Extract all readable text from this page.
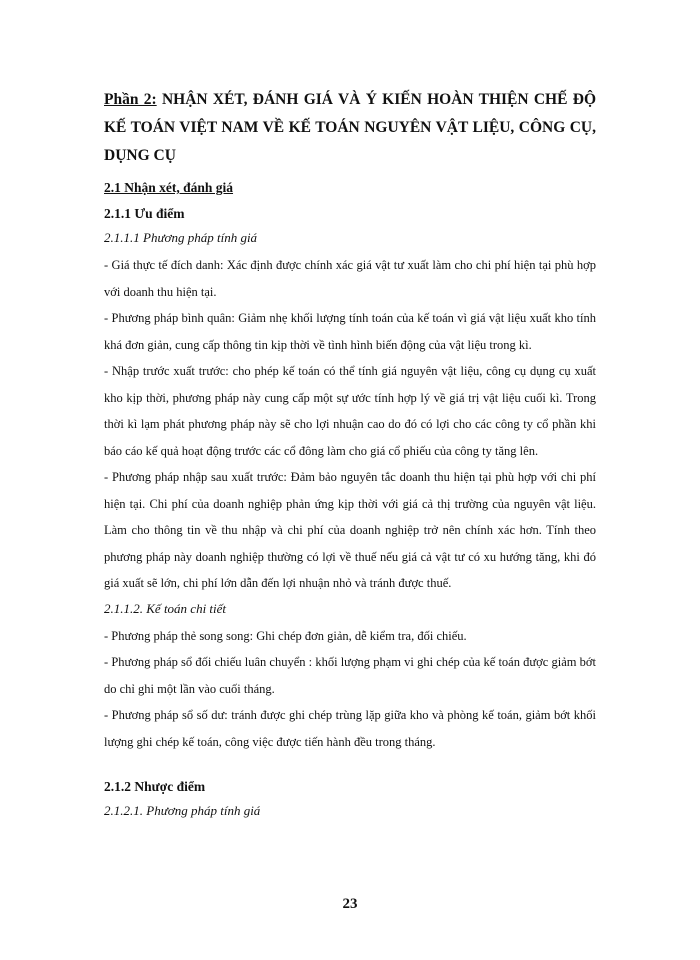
Phần 2: NHẬN XÉT, ĐÁNH GIÁ VÀ Ý KIẾN HOÀN THIỆN CHẾ ĐỘ KẾ TOÁN VIỆT NAM VỀ KẾ TOÁN NGUYÊN VẬT LIỆU, CÔNG CỤ, DỤNG CỤ
2.1 Nhận xét, đánh giá
2.1.1 Ưu điểm
2.1.1.1 Phương pháp tính giá

- Giá thực tế đích danh: Xác định được chính xác giá vật tư xuất làm cho chi phí hiện tại phù hợp với doanh thu hiện tại.

- Phương pháp bình quân: Giảm nhẹ khối lượng tính toán của kế toán vì giá vật liệu xuất kho tính khá đơn giản, cung cấp thông tin kịp thời về tình hình biến động của vật liệu trong kì.

- Nhập trước xuất trước: cho phép kế toán có thể tính giá nguyên vật liệu, công cụ dụng cụ xuất kho kịp thời, phương pháp này cung cấp một sự ước tính hợp lý về giá trị vật liệu cuối kì. Trong thời kì lạm phát phương pháp này sẽ cho lợi nhuận cao do đó có lợi cho các công ty cổ phần khi báo cáo kế quả hoạt động trước các cổ đông làm cho giá cổ phiếu của công ty tăng lên.

- Phương pháp nhập sau xuất trước: Đảm bảo nguyên tắc doanh thu hiện tại phù hợp với chi phí hiện tại. Chi phí của doanh nghiệp phản ứng kịp thời với giá cả thị trường của nguyên vật liệu. Làm cho thông tin về thu nhập và chi phí của doanh nghiệp trở nên chính xác hơn. Tính theo phương pháp này doanh nghiệp thường có lợi về thuế nếu giá cả vật tư có xu hướng tăng, khi đó giá xuất sẽ lớn, chi phí lớn dẫn đến lợi nhuận nhỏ và tránh được thuế.

2.1.1.2. Kế toán chi tiết

- Phương pháp thẻ song song: Ghi chép đơn giản, dễ kiểm tra, đối chiếu.

- Phương pháp sổ đối chiếu luân chuyển : khối lượng phạm vi ghi chép của kế toán được giảm bớt do chỉ ghi một lần vào cuối tháng.

- Phương pháp sổ số dư: tránh được ghi chép trùng lặp giữa kho và phòng kế toán, giảm bớt khối lượng ghi chép kế toán, công việc được tiến hành đều trong tháng.

2.1.2 Nhược điểm
2.1.2.1. Phương pháp tính giá
23
